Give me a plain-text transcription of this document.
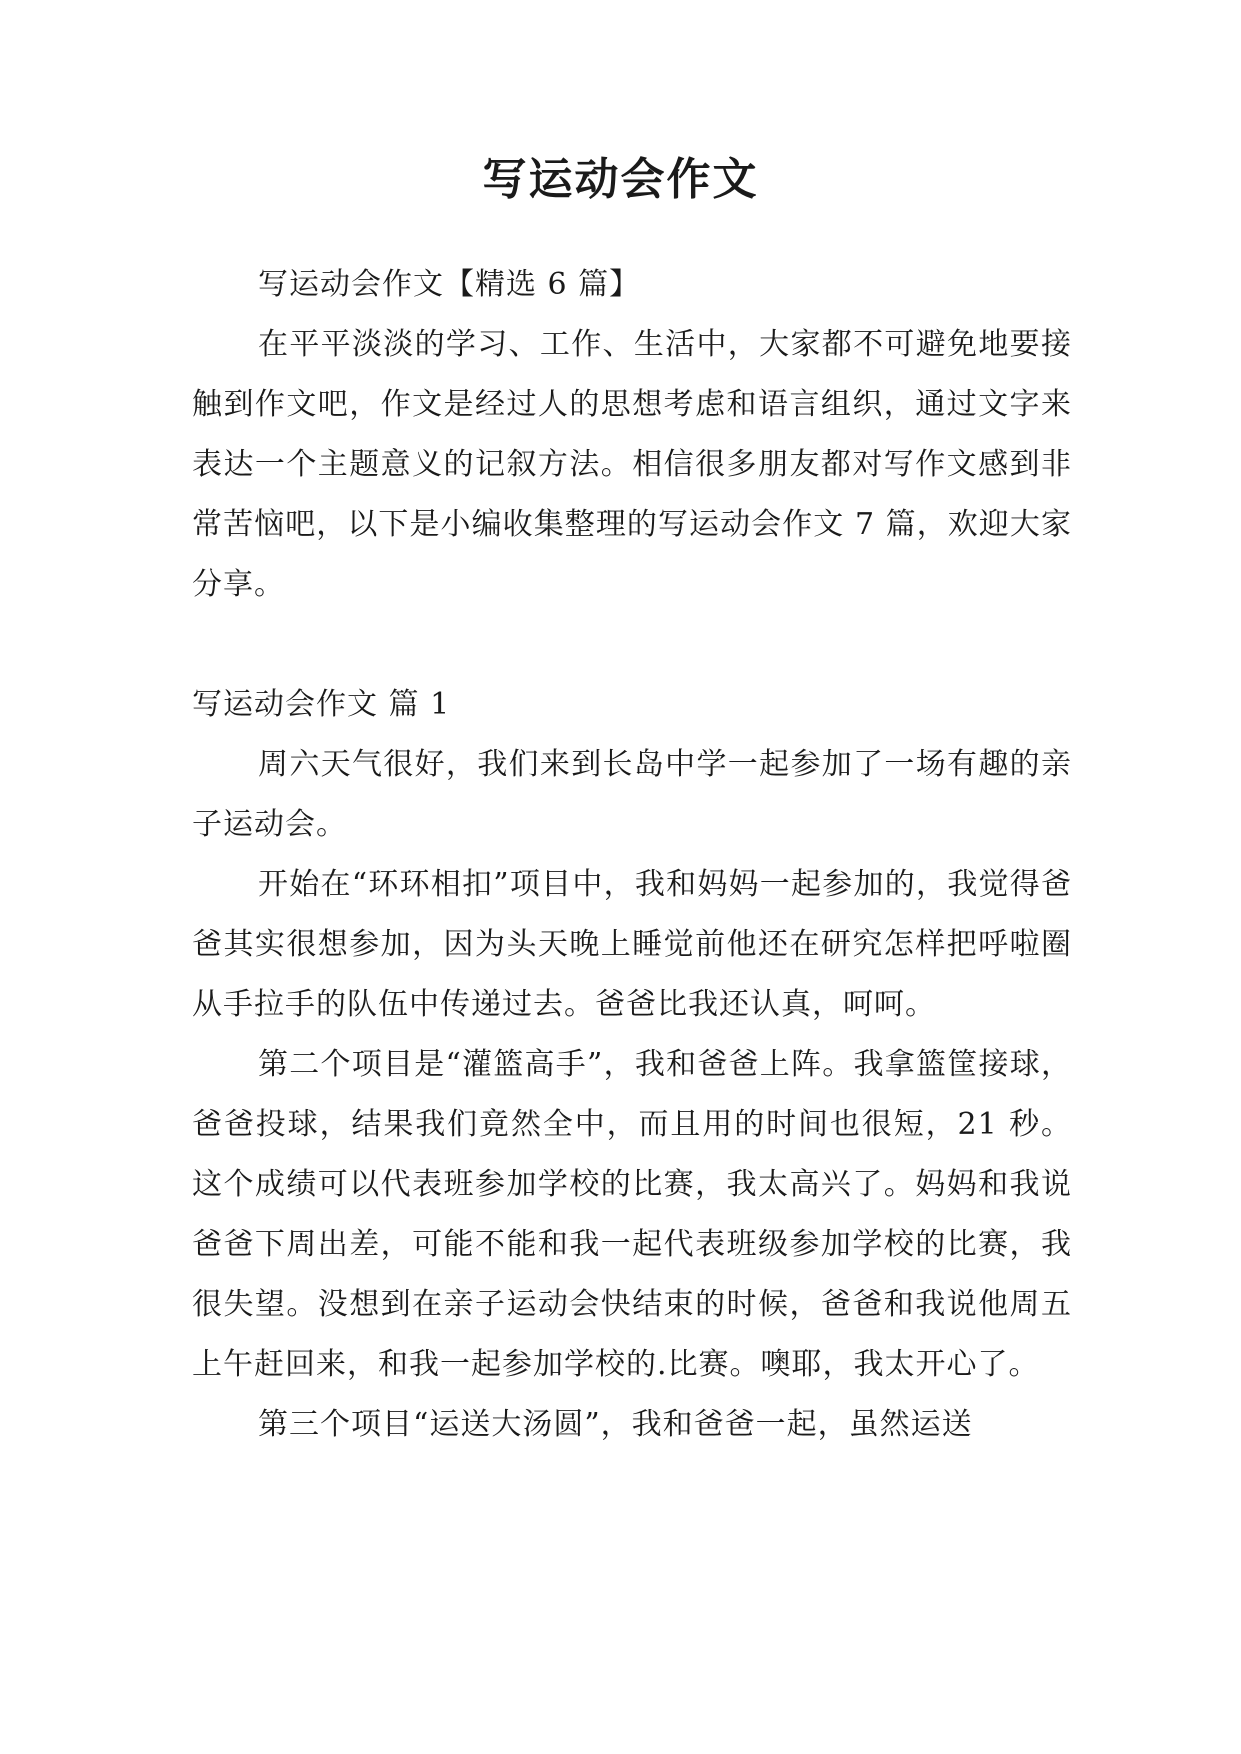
写运动会作文

写运动会作文【精选 6 篇】

在平平淡淡的学习、工作、生活中，大家都不可避免地要接触到作文吧，作文是经过人的思想考虑和语言组织，通过文字来表达一个主题意义的记叙方法。相信很多朋友都对写作文感到非常苦恼吧，以下是小编收集整理的写运动会作文 7 篇，欢迎大家分享。

写运动会作文 篇 1

周六天气很好，我们来到长岛中学一起参加了一场有趣的亲子运动会。

开始在“环环相扣”项目中，我和妈妈一起参加的，我觉得爸爸其实很想参加，因为头天晚上睡觉前他还在研究怎样把呼啦圈从手拉手的队伍中传递过去。爸爸比我还认真，呵呵。

第二个项目是“灌篮高手”，我和爸爸上阵。我拿篮筐接球，爸爸投球，结果我们竟然全中，而且用的时间也很短，21 秒。这个成绩可以代表班参加学校的比赛，我太高兴了。妈妈和我说爸爸下周出差，可能不能和我一起代表班级参加学校的比赛，我很失望。没想到在亲子运动会快结束的时候，爸爸和我说他周五上午赶回来，和我一起参加学校的.比赛。噢耶，我太开心了。

第三个项目“运送大汤圆”，我和爸爸一起，虽然运送
